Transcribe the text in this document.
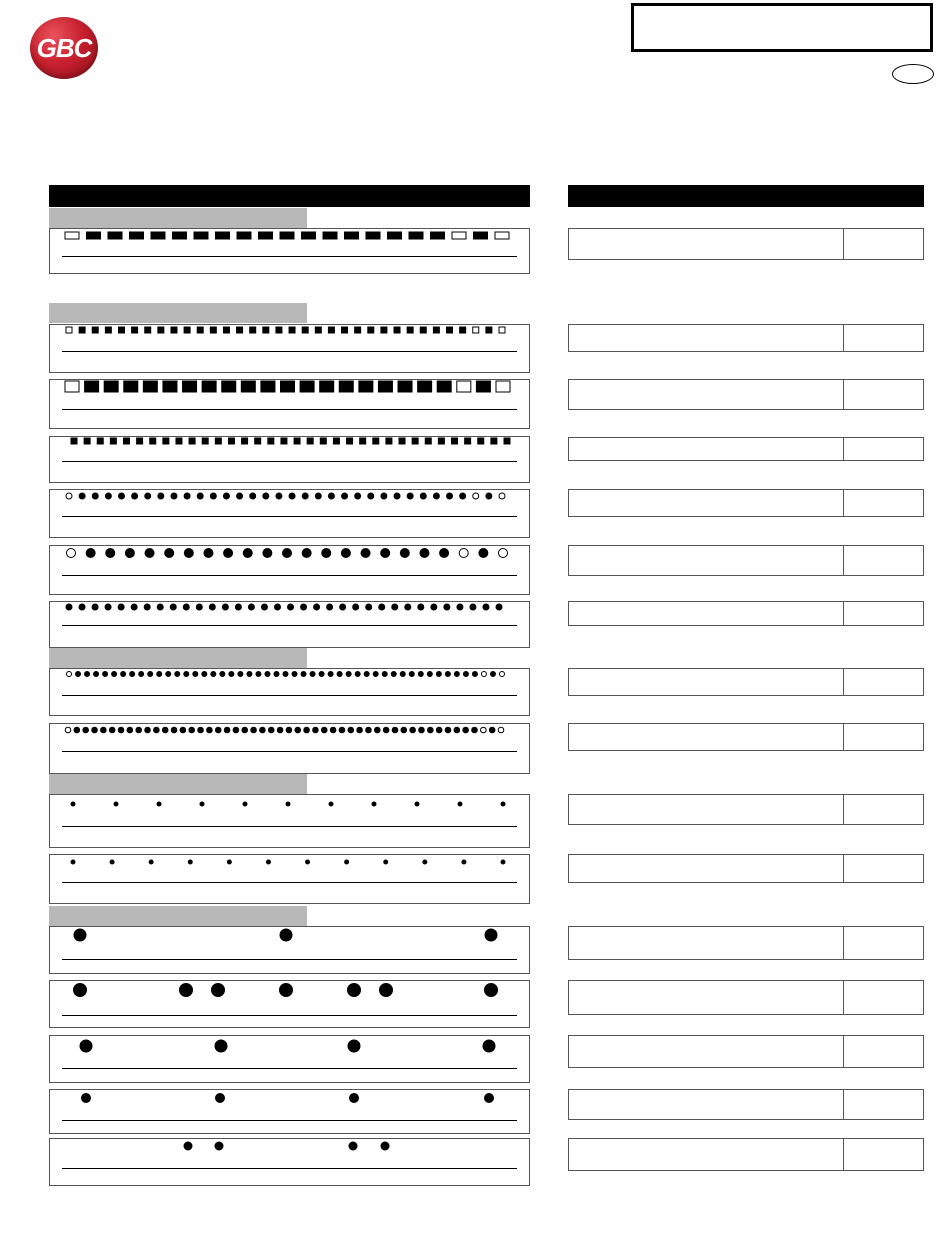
GBC
